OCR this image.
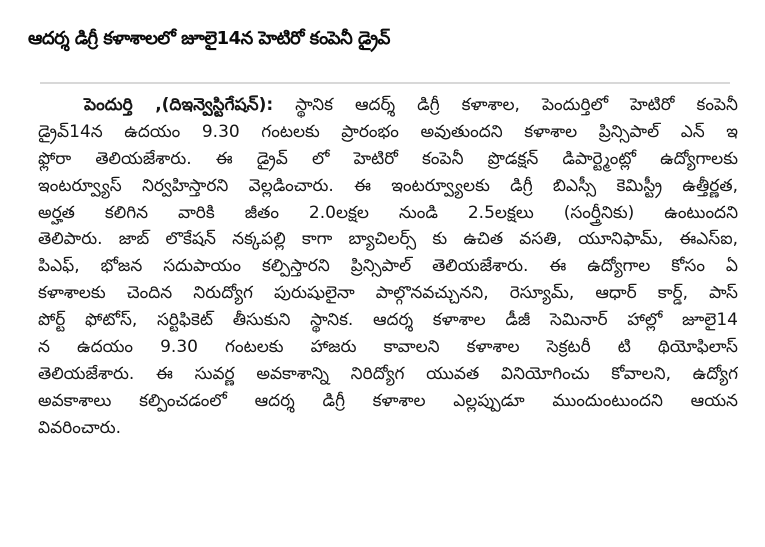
ఆదర్శ డిగ్రీ కళాశాలలో జూలై14న హెటిరో కంపెనీ డ్రైవ్
పెందుర్తి ,(దిఇన్వెస్టిగేషన్): స్థానిక ఆదర్శ్ డిగ్రీ కళాశాల, పెందుర్తిలో హెటిరో కంపెనీ
డ్రైవ్14న ఉదయం 9.30 గంటలకు ప్రారంభం అవుతుందని కళాశాల ప్రిన్సిపాల్ ఎన్ ఇ
ఫ్లోరా తెలియజేశారు. ఈ డ్రైవ్ లో హెటిరో కంపెనీ ప్రొడక్షన్ డిపార్ట్మెంట్లో ఉద్యోగాలకు
ఇంటర్వ్యూస్ నిర్వహిస్తారని వెల్లడించారు. ఈ ఇంటర్వ్యూలకు డిగ్రీ బిఎస్సీ కెమిస్ట్రీ ఉత్తీర్ణత,
అర్హత కలిగిన వారికి జీతం 2.0లక్షల నుండి 2.5లక్షలు (సంర్త్రీనికు) ఉంటుందని
తెలిపారు. జాబ్ లొకేషన్ నక్కపల్లి కాగా బ్యాచిలర్స్ కు ఉచిత వసతి, యూనిఫామ్, ఈఎస్ఐ,
పిఎఫ్, భోజన సదుపాయం కల్పిస్తారని ప్రిన్సిపాల్ తెలియజేశారు. ఈ ఉద్యోగాల కోసం ఏ
కళాశాలకు చెందిన నిరుద్యోగ పురుషులైనా పాల్గొనవచ్చునని, రెస్యూమ్, ఆధార్ కార్డ్, పాస్
పోర్ట్ ఫోటోస్, సర్టిఫికెట్ తీసుకుని స్థానిక. ఆదర్శ కళాశాల డీజీ సెమినార్ హాల్లో జూలై14
న ఉదయం 9.30 గంటలకు హాజరు కావాలని కళాశాల సెక్రటరీ టి థియోఫిలాస్
తెలియజేశారు. ఈ సువర్ణ అవకాశాన్ని నిరిద్యోగ యువత వినియోగించు కోవాలని, ఉద్యోగ
అవకాశాలు కల్పించడంలో ఆదర్శ డిగ్రీ కళాశాల ఎల్లప్పుడూ ముందుంటుందని ఆయన
వివరించారు.
